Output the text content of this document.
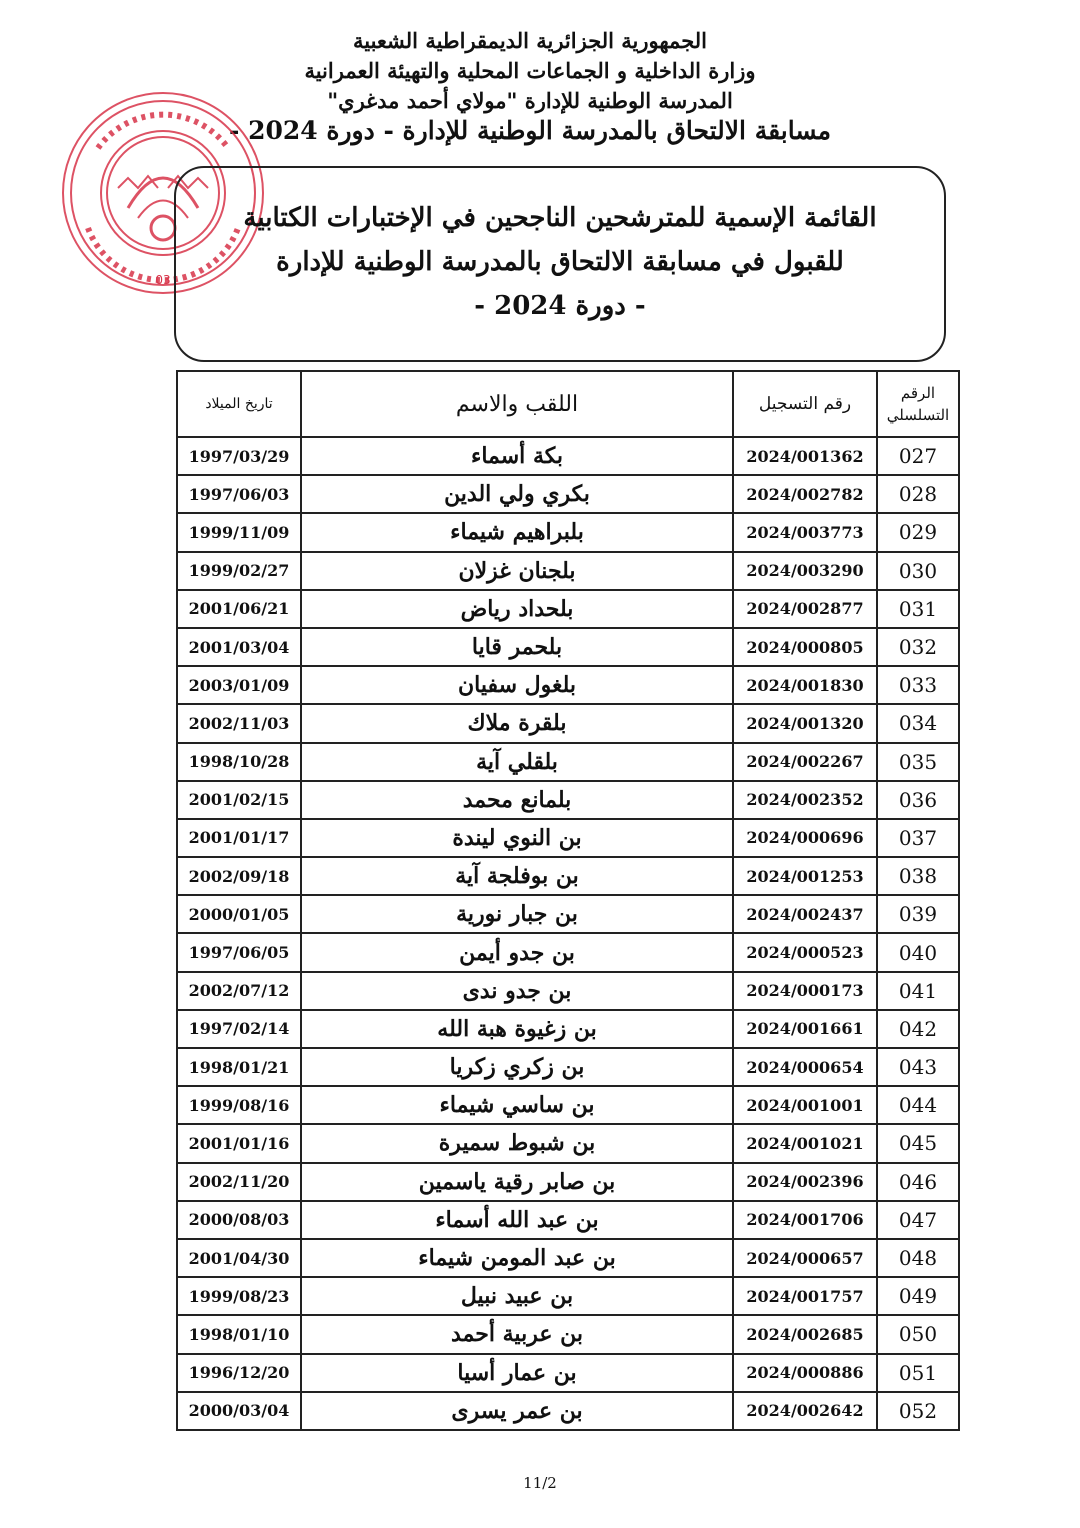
الجمهورية الجزائرية الديمقراطية الشعبية
وزارة الداخلية و الجماعات المحلية والتهيئة العمرانية
المدرسة الوطنية للإدارة "مولاي أحمد مدغري"
مسابقة الالتحاق بالمدرسة الوطنية للإدارة - دورة 2024 -
03
القائمة الإسمية للمترشحين الناجحين في الإختبارات الكتابية
للقبول في مسابقة الالتحاق بالمدرسة الوطنية للإدارة
- دورة 2024 -
الرقم
التسلسلي	رقم التسجيل	اللقب والاسم	تاريخ الميلاد
027	2024/001362	بكة أسماء	1997/03/29
028	2024/002782	بكري ولي الدين	1997/06/03
029	2024/003773	بلبراهيم شيماء	1999/11/09
030	2024/003290	بلجنان غزلان	1999/02/27
031	2024/002877	بلحداد رياض	2001/06/21
032	2024/000805	بلحمر قايا	2001/03/04
033	2024/001830	بلغول سفيان	2003/01/09
034	2024/001320	بلقرة ملاك	2002/11/03
035	2024/002267	بلقلي آية	1998/10/28
036	2024/002352	بلمانع محمد	2001/02/15
037	2024/000696	بن النوي ليندة	2001/01/17
038	2024/001253	بن بوفلجة آية	2002/09/18
039	2024/002437	بن جبار نورية	2000/01/05
040	2024/000523	بن جدو أيمن	1997/06/05
041	2024/000173	بن جدو ندى	2002/07/12
042	2024/001661	بن زغيوة هبة الله	1997/02/14
043	2024/000654	بن زكري زكريا	1998/01/21
044	2024/001001	بن ساسي شيماء	1999/08/16
045	2024/001021	بن شبوط سميرة	2001/01/16
046	2024/002396	بن صابر رقية ياسمين	2002/11/20
047	2024/001706	بن عبد الله أسماء	2000/08/03
048	2024/000657	بن عبد المومن شيماء	2001/04/30
049	2024/001757	بن عبيد نبيل	1999/08/23
050	2024/002685	بن عربية أحمد	1998/01/10
051	2024/000886	بن عمار أسيا	1996/12/20
052	2024/002642	بن عمر يسرى	2000/03/04
11/2
